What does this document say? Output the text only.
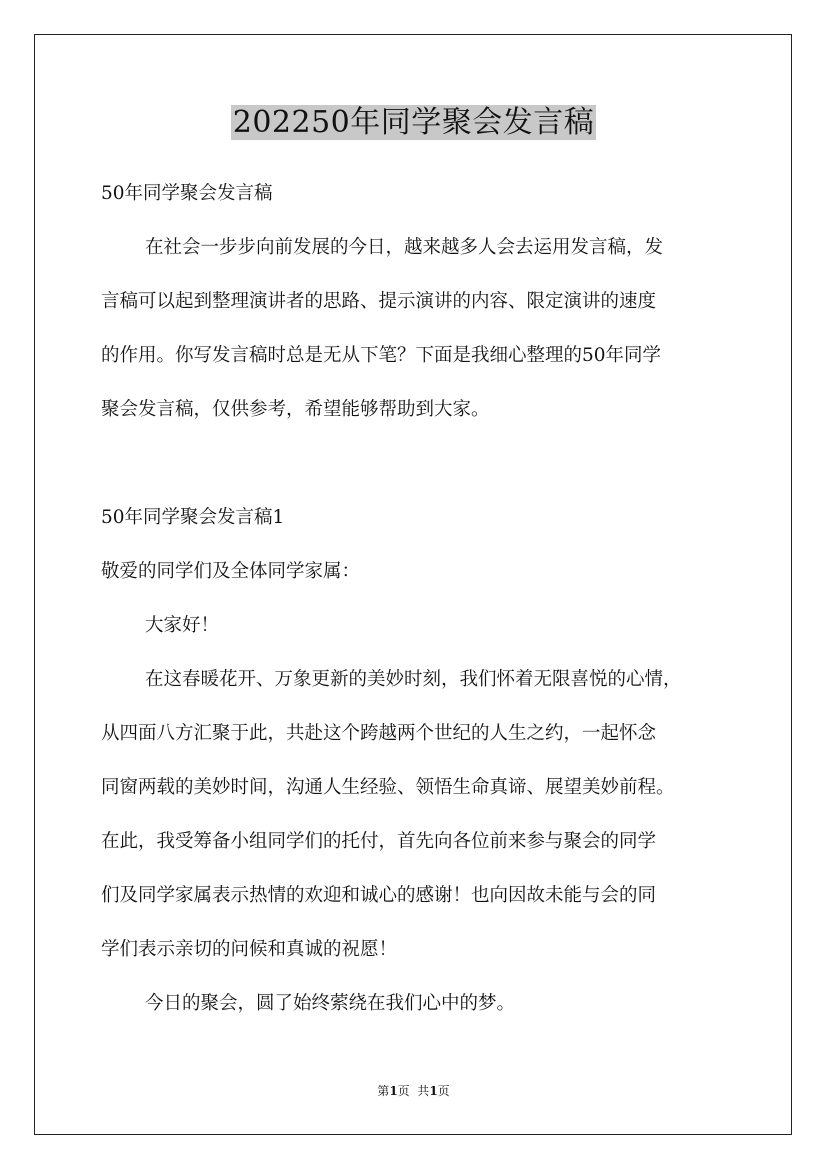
202250年同学聚会发言稿

50年同学聚会发言稿

在社会一步步向前发展的今日，越来越多人会去运用发言稿，发

言稿可以起到整理演讲者的思路、提示演讲的内容、限定演讲的速度

的作用。你写发言稿时总是无从下笔？下面是我细心整理的50年同学

聚会发言稿，仅供参考，希望能够帮助到大家。

50年同学聚会发言稿1

敬爱的同学们及全体同学家属：

大家好！

在这春暖花开、万象更新的美妙时刻，我们怀着无限喜悦的心情，

从四面八方汇聚于此，共赴这个跨越两个世纪的人生之约，一起怀念

同窗两载的美妙时间，沟通人生经验、领悟生命真谛、展望美妙前程。

在此，我受筹备小组同学们的托付，首先向各位前来参与聚会的同学

们及同学家属表示热情的欢迎和诚心的感谢！也向因故未能与会的同

学们表示亲切的问候和真诚的祝愿！

今日的聚会，圆了始终萦绕在我们心中的梦。

第1页  共1页
